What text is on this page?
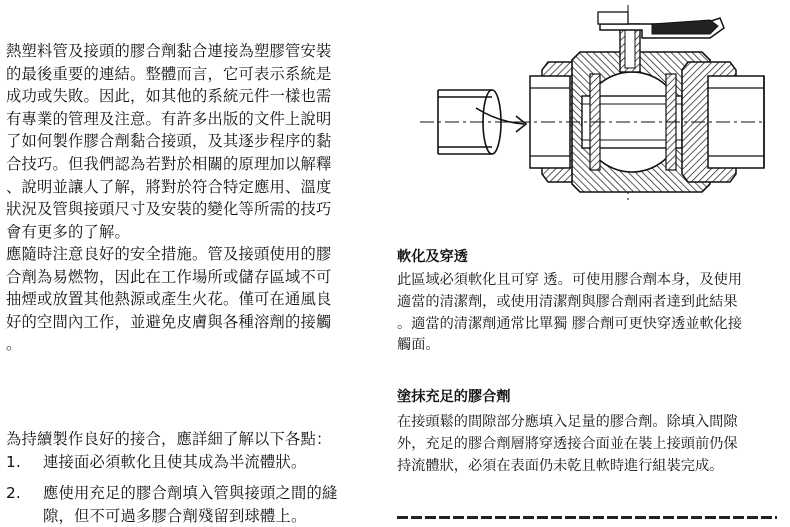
熱塑料管及接頭的膠合劑黏合連接為塑膠管安裝
的最後重要的連結。整體而言，它可表示系統是
成功或失敗。因此，如其他的系統元件一樣也需
有專業的管理及注意。有許多出版的文件上說明
了如何製作膠合劑黏合接頭，及其逐步程序的黏
合技巧。但我們認為若對於相關的原理加以解釋
、說明並讓人了解，將對於符合特定應用、溫度
狀況及管與接頭尺寸及安裝的變化等所需的技巧
會有更多的了解。
應隨時注意良好的安全措施。管及接頭使用的膠
合劑為易燃物，因此在工作場所或儲存區域不可
抽煙或放置其他熱源或產生火花。僅可在通風良
好的空間內工作，並避免皮膚與各種溶劑的接觸
。
為持續製作良好的接合，應詳細了解以下各點：
1. 連接面必須軟化且使其成為半流體狀。
2. 應使用充足的膠合劑填入管與接頭之間的縫
隙，但不可過多膠合劑殘留到球體上。
軟化及穿透
此區域必須軟化且可穿 透。可使用膠合劑本身，及使用
適當的清潔劑，或使用清潔劑與膠合劑兩者達到此結果
。適當的清潔劑通常比單獨 膠合劑可更快穿透並軟化接
觸面。
塗抹充足的膠合劑
在接頭鬆的間隙部分應填入足量的膠合劑。除填入間隙
外，充足的膠合劑層將穿透接合面並在裝上接頭前仍保
持流體狀，必須在表面仍未乾且軟時進行組裝完成。
